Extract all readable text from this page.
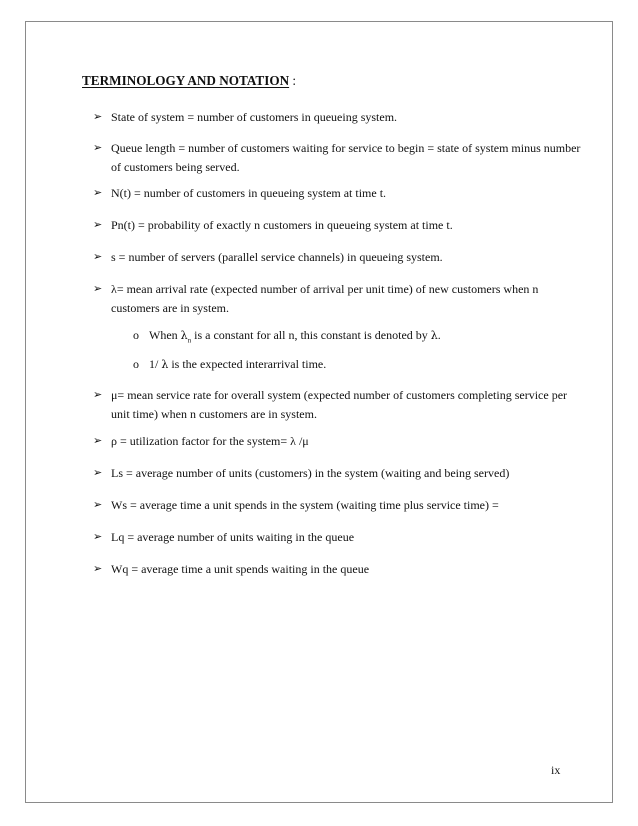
TERMINOLOGY AND NOTATION :
➢ State of system = number of customers in queueing system.
➢ Queue length = number of customers waiting for service to begin = state of system minus number of customers being served.
➢ N(t) = number of customers in queueing system at time t.
➢ Pn(t) = probability of exactly n customers in queueing system at time t.
➢ s = number of servers (parallel service channels) in queueing system.
➢ λ= mean arrival rate (expected number of arrival per unit time) of new customers when n customers are in system.
o When $\lambda_n$ is a constant for all n, this constant is denoted by λ.
o 1/ λ is the expected interarrival time.
➢ μ= mean service rate for overall system (expected number of customers completing service per unit time) when n customers are in system.
➢ ρ = utilization factor for the system= λ /μ
➢ Ls = average number of units (customers) in the system (waiting and being served)
➢ Ws = average time a unit spends in the system (waiting time plus service time) =
➢ Lq = average number of units waiting in the queue
➢ Wq = average time a unit spends waiting in the queue
ix
